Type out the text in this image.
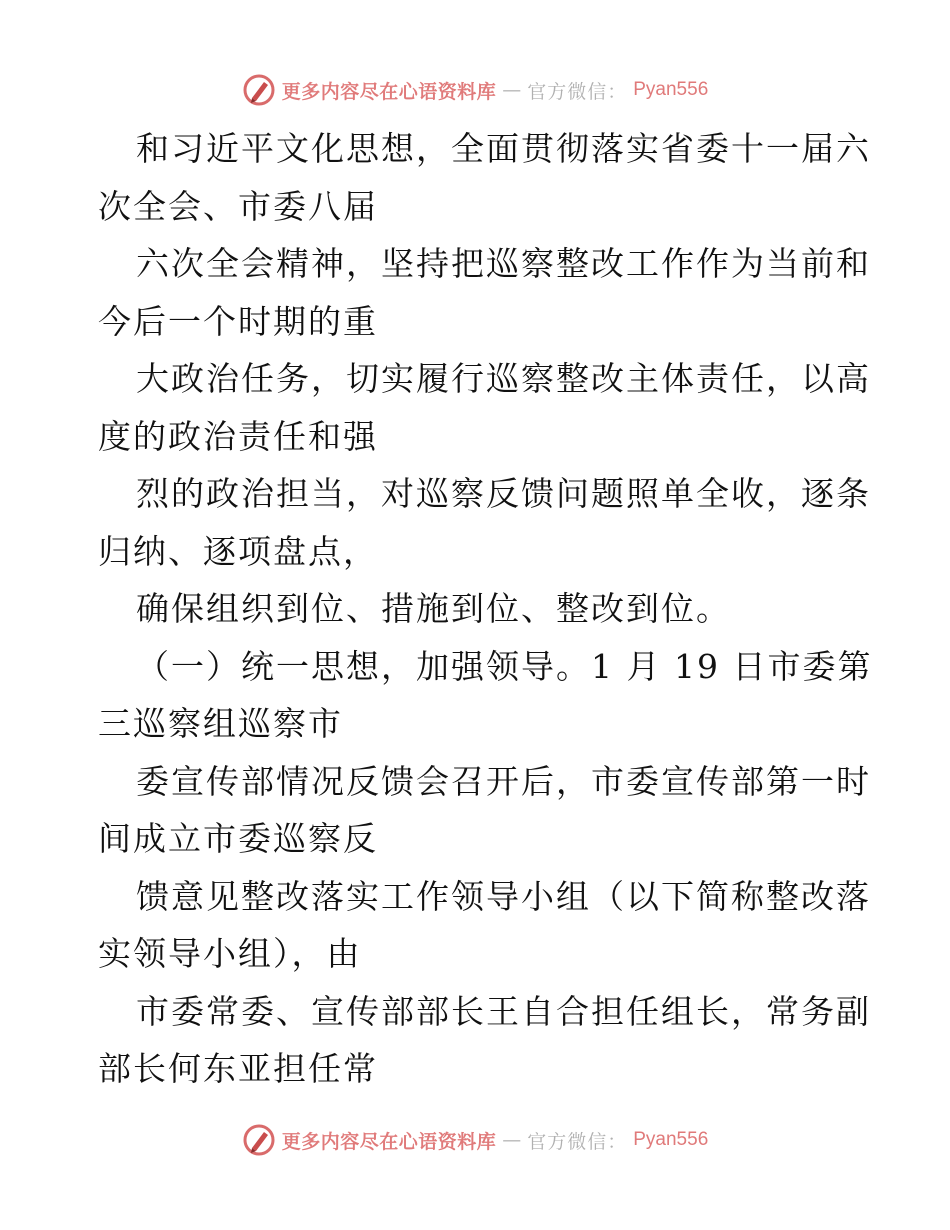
更多内容尽在心语资料库 — 官方微信： Pyan556
和习近平文化思想，全面贯彻落实省委十一届六
次全会、市委八届
六次全会精神，坚持把巡察整改工作作为当前和
今后一个时期的重
大政治任务，切实履行巡察整改主体责任，以高
度的政治责任和强
烈的政治担当，对巡察反馈问题照单全收，逐条
归纳、逐项盘点，
确保组织到位、措施到位、整改到位。
（一）统一思想，加强领导。1 月 19 日市委第
三巡察组巡察市
委宣传部情况反馈会召开后，市委宣传部第一时
间成立市委巡察反
馈意见整改落实工作领导小组（以下简称整改落
实领导小组），由
市委常委、宣传部部长王自合担任组长，常务副
部长何东亚担任常
更多内容尽在心语资料库 — 官方微信： Pyan556
